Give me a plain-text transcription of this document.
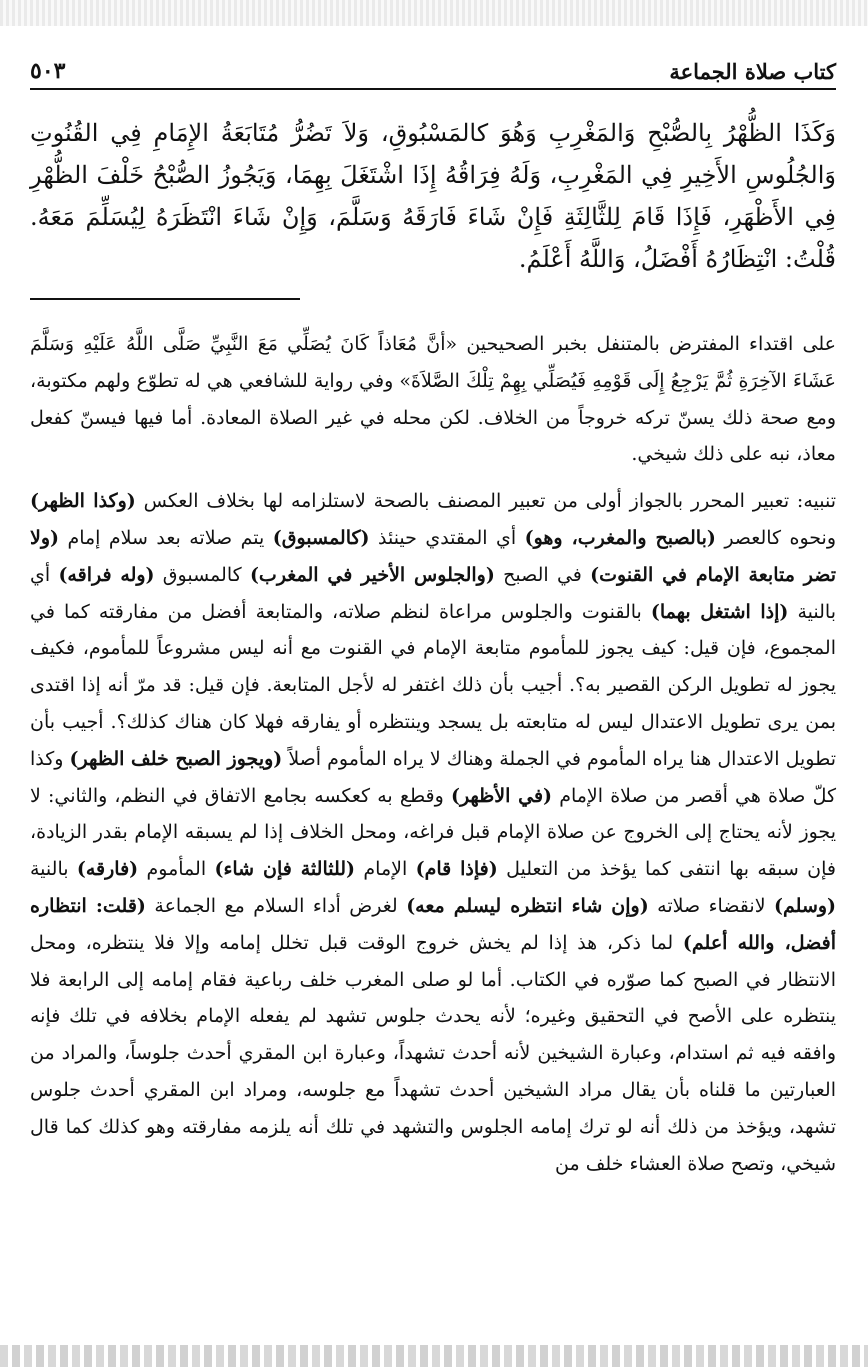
كتاب صلاة الجماعة
٥٠٣

وَكَذَا الظُّهْرُ بِالصُّبْحِ وَالمَغْرِبِ وَهُوَ كالمَسْبُوقِ، وَلاَ تَضُرُّ مُتَابَعَةُ الإِمَامِ فِي القُنُوتِ وَالجُلُوسِ الأَخِيرِ فِي المَغْرِبِ، وَلَهُ فِرَاقُهُ إِذَا اشْتَغَلَ بِهِمَا، وَيَجُوزُ الصُّبْحُ خَلْفَ الظُّهْرِ فِي الأَظْهَرِ، فَإِذَا قَامَ لِلثَّالِثَةِ فَإِنْ شَاءَ فَارَقَهُ وَسَلَّمَ، وَإِنْ شَاءَ انْتَظَرَهُ لِيُسَلِّمَ مَعَهُ. قُلْتُ: انْتِظَارُهُ أَفْضَلُ، وَاللَّهُ أَعْلَمُ.

على اقتداء المفترض بالمتنفل بخبر الصحيحين «أنَّ مُعَاذاً كَانَ يُصَلِّي مَعَ النَّبِيِّ صَلَّى اللَّهُ عَلَيْهِ وَسَلَّمَ عَشَاءَ الآخِرَةِ ثُمَّ يَرْجِعُ إِلَى قَوْمِهِ فَيُصَلِّي بِهِمْ تِلْكَ الصَّلاَةَ» وفي رواية للشافعي هي له تطوّع ولهم مكتوبة، ومع صحة ذلك يسنّ تركه خروجاً من الخلاف. لكن محله في غير الصلاة المعادة. أما فيها فيسنّ كفعل معاذ، نبه على ذلك شيخي.

تنبيه: تعبير المحرر بالجواز أولى من تعبير المصنف بالصحة لاستلزامه لها بخلاف العكس (وكذا الظهر) ونحوه كالعصر (بالصبح والمغرب، وهو) أي المقتدي حينئذ (كالمسبوق) يتم صلاته بعد سلام إمام (ولا تضر متابعة الإمام في القنوت) في الصبح (والجلوس الأخير في المغرب) كالمسبوق (وله فراقه) أي بالنية (إذا اشتغل بهما) بالقنوت والجلوس مراعاة لنظم صلاته، والمتابعة أفضل من مفارقته كما في المجموع، فإن قيل: كيف يجوز للمأموم متابعة الإمام في القنوت مع أنه ليس مشروعاً للمأموم، فكيف يجوز له تطويل الركن القصير به؟. أجيب بأن ذلك اغتفر له لأجل المتابعة. فإن قيل: قد مرّ أنه إذا اقتدى بمن يرى تطويل الاعتدال ليس له متابعته بل يسجد وينتظره أو يفارقه فهلا كان هناك كذلك؟. أجيب بأن تطويل الاعتدال هنا يراه المأموم في الجملة وهناك لا يراه المأموم أصلاً (ويجوز الصبح خلف الظهر) وكذا كلّ صلاة هي أقصر من صلاة الإمام (في الأظهر) وقطع به كعكسه بجامع الاتفاق في النظم، والثاني: لا يجوز لأنه يحتاج إلى الخروج عن صلاة الإمام قبل فراغه، ومحل الخلاف إذا لم يسبقه الإمام بقدر الزيادة، فإن سبقه بها انتفى كما يؤخذ من التعليل (فإذا قام) الإمام (للثالثة فإن شاء) المأموم (فارقه) بالنية (وسلم) لانقضاء صلاته (وإن شاء انتظره ليسلم معه) لغرض أداء السلام مع الجماعة (قلت: انتظاره أفضل، والله أعلم) لما ذكر، هذ إذا لم يخش خروج الوقت قبل تخلل إمامه وإلا فلا ينتظره، ومحل الانتظار في الصبح كما صوّره في الكتاب. أما لو صلى المغرب خلف رباعية فقام إمامه إلى الرابعة فلا ينتظره على الأصح في التحقيق وغيره؛ لأنه يحدث جلوس تشهد لم يفعله الإمام بخلافه في تلك فإنه وافقه فيه ثم استدام، وعبارة الشيخين لأنه أحدث تشهداً، وعبارة ابن المقري أحدث جلوساً، والمراد من العبارتين ما قلناه بأن يقال مراد الشيخين أحدث تشهداً مع جلوسه، ومراد ابن المقري أحدث جلوس تشهد، ويؤخذ من ذلك أنه لو ترك إمامه الجلوس والتشهد في تلك أنه يلزمه مفارقته وهو كذلك كما قال شيخي، وتصح صلاة العشاء خلف من
